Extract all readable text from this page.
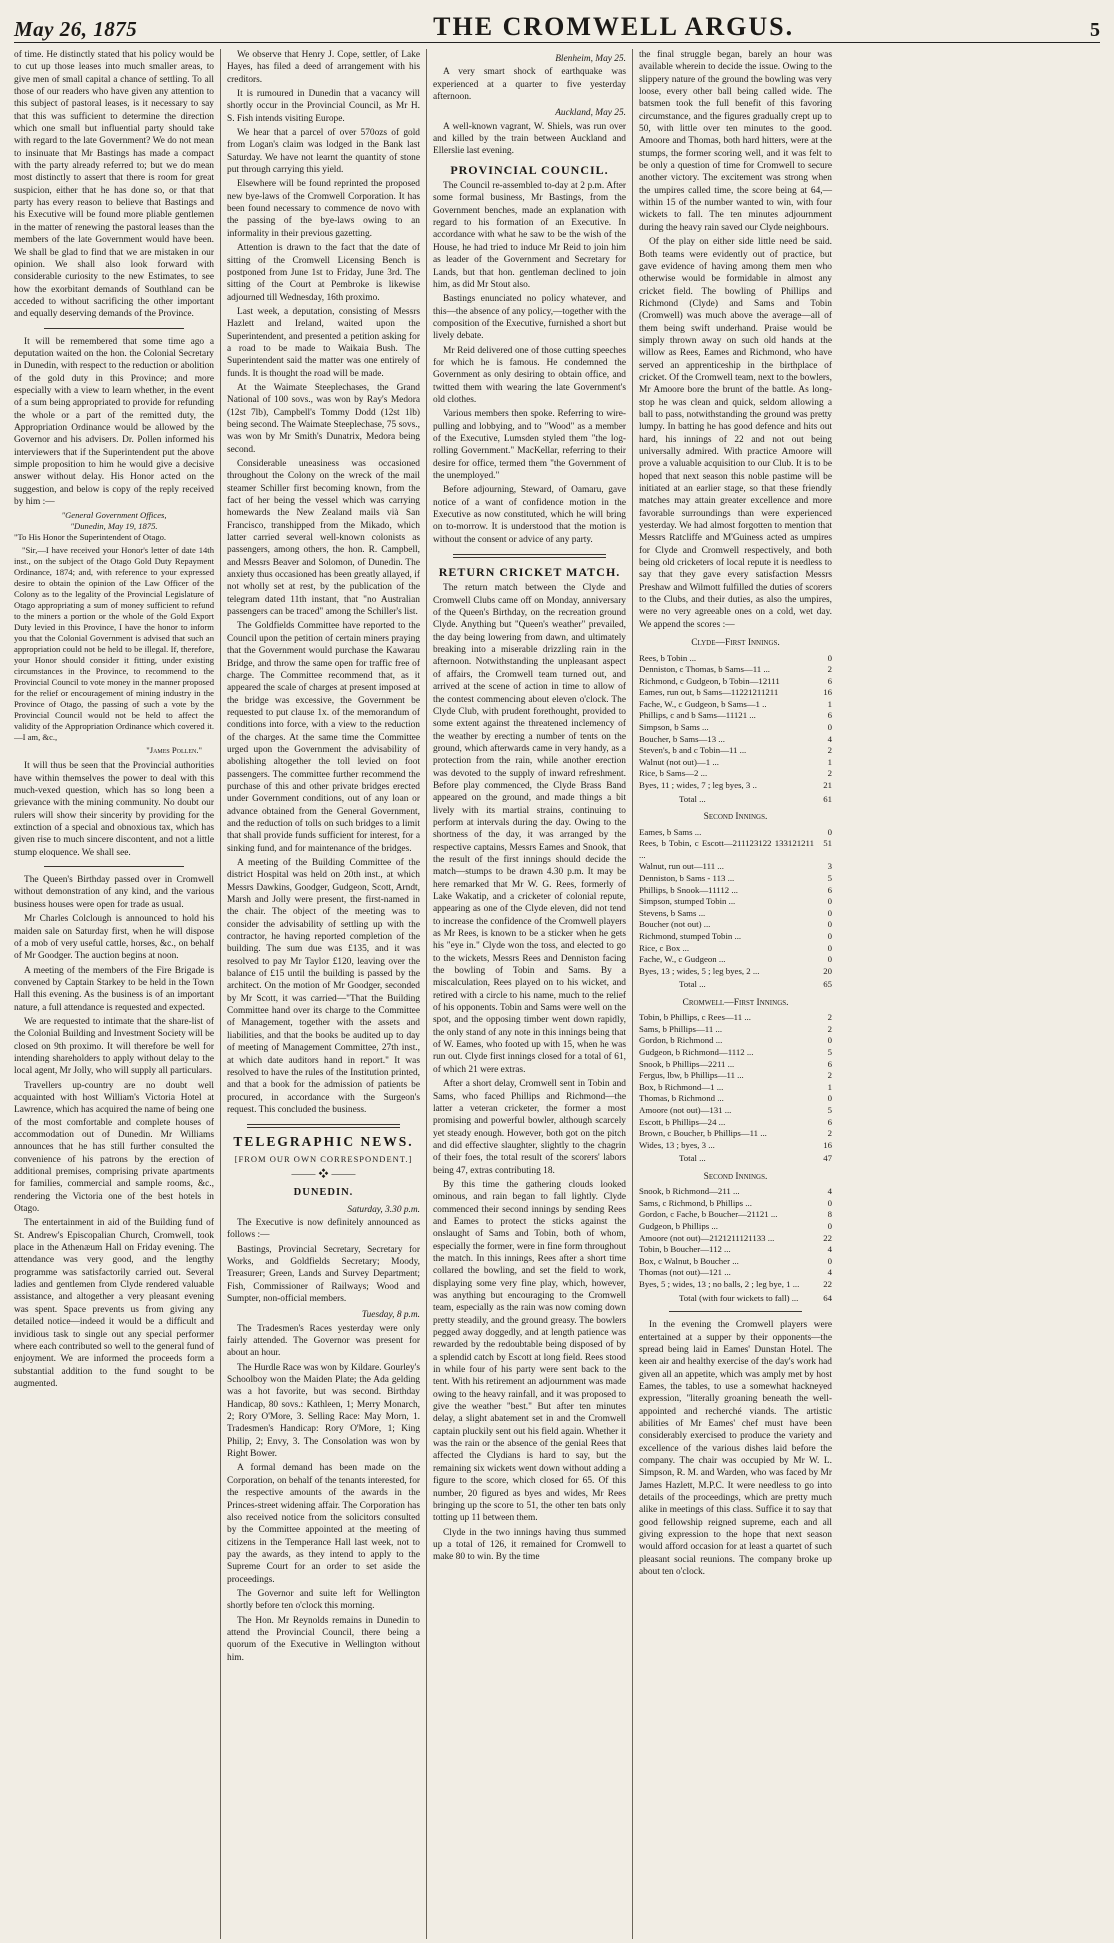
May 26, 1875	THE CROMWELL ARGUS.	5

of time. He distinctly stated that his policy would be to cut up those leases into much smaller areas, to give men of small capital a chance of settling. To all those of our readers who have given any attention to this subject of pastoral leases, is it necessary to say that this was sufficient to determine the direction which one small but influential party should take with regard to the late Government? We do not mean to insinuate that Mr Bastings has made a compact with the party already referred to; but we do mean most distinctly to assert that there is room for great suspicion, either that he has done so, or that that party has every reason to believe that Bastings and his Executive will be found more pliable gentlemen in the matter of renewing the pastoral leases than the members of the late Government would have been. We shall be glad to find that we are mistaken in our opinion. We shall also look forward with considerable curiosity to the new Estimates, to see how the exorbitant demands of Southland can be acceded to without sacrificing the other important and equally deserving demands of the Province.

It will be remembered that some time ago a deputation waited on the hon. the Colonial Secretary in Dunedin, with respect to the reduction or abolition of the gold duty in this Province; and more especially with a view to learn whether, in the event of a sum being appropriated to provide for refunding the whole or a part of the remitted duty, the Appropriation Ordinance would be allowed by the Governor and his advisers. Dr. Pollen informed his interviewers that if the Superintendent put the above simple proposition to him he would give a decisive answer without delay. His Honor acted on the suggestion, and below is copy of the reply received by him :—

"General Government Offices,
"Dunedin, May 19, 1875.

"To His Honor the Superintendent of Otago.

"Sir,—I have received your Honor's letter of date 14th inst., on the subject of the Otago Gold Duty Repayment Ordinance, 1874; and, with reference to your expressed desire to obtain the opinion of the Law Officer of the Colony as to the legality of the Provincial Legislature of Otago appropriating a sum of money sufficient to refund to the miners a portion or the whole of the Gold Export Duty levied in this Province, I have the honor to inform you that the Colonial Government is advised that such an appropriation could not be held to be illegal. If, therefore, your Honor should consider it fitting, under existing circumstances in the Province, to recommend to the Provincial Council to vote money in the manner proposed for the relief or encouragement of mining industry in the Province of Otago, the passing of such a vote by the Provincial Council would not be held to affect the validity of the Appropriation Ordinance which covered it.—I am, &c.,

"James Pollen."

It will thus be seen that the Provincial authorities have within themselves the power to deal with this much-vexed question, which has so long been a grievance with the mining community. No doubt our rulers will show their sincerity by providing for the extinction of a special and obnoxious tax, which has given rise to much sincere discontent, and not a little stump eloquence. We shall see.

The Queen's Birthday passed over in Cromwell without demonstration of any kind, and the various business houses were open for trade as usual.

Mr Charles Colclough is announced to hold his maiden sale on Saturday first, when he will dispose of a mob of very useful cattle, horses, &c., on behalf of Mr Goodger. The auction begins at noon.

A meeting of the members of the Fire Brigade is convened by Captain Starkey to be held in the Town Hall this evening. As the business is of an important nature, a full attendance is requested and expected.

We are requested to intimate that the share-list of the Colonial Building and Investment Society will be closed on 9th proximo. It will therefore be well for intending shareholders to apply without delay to the local agent, Mr Jolly, who will supply all particulars.

Travellers up-country are no doubt well acquainted with host William's Victoria Hotel at Lawrence, which has acquired the name of being one of the most comfortable and complete houses of accommodation out of Dunedin. Mr Williams announces that he has still further consulted the convenience of his patrons by the erection of additional premises, comprising private apartments for families, commercial and sample rooms, &c., rendering the Victoria one of the best hotels in Otago.

The entertainment in aid of the Building fund of St. Andrew's Episcopalian Church, Cromwell, took place in the Athenæum Hall on Friday evening. The attendance was very good, and the lengthy programme was satisfactorily carried out. Several ladies and gentlemen from Clyde rendered valuable assistance, and altogether a very pleasant evening was spent. Space prevents us from giving any detailed notice—indeed it would be a difficult and invidious task to single out any special performer where each contributed so well to the general fund of enjoyment. We are informed the proceeds form a substantial addition to the fund sought to be augmented.

We observe that Henry J. Cope, settler, of Lake Hayes, has filed a deed of arrangement with his creditors.

It is rumoured in Dunedin that a vacancy will shortly occur in the Provincial Council, as Mr H. S. Fish intends visiting Europe.

We hear that a parcel of over 570ozs of gold from Logan's claim was lodged in the Bank last Saturday. We have not learnt the quantity of stone put through carrying this yield.

Elsewhere will be found reprinted the proposed new bye-laws of the Cromwell Corporation. It has been found necessary to commence de novo with the passing of the bye-laws owing to an informality in their previous gazetting.

Attention is drawn to the fact that the date of sitting of the Cromwell Licensing Bench is postponed from June 1st to Friday, June 3rd. The sitting of the Court at Pembroke is likewise adjourned till Wednesday, 16th proximo.

Last week, a deputation, consisting of Messrs Hazlett and Ireland, waited upon the Superintendent, and presented a petition asking for a road to be made to Waikaia Bush. The Superintendent said the matter was one entirely of funds. It is thought the road will be made.

At the Waimate Steeplechases, the Grand National of 100 sovs., was won by Ray's Medora (12st 7lb), Campbell's Tommy Dodd (12st 1lb) being second. The Waimate Steeplechase, 75 sovs., was won by Mr Smith's Dunatrix, Medora being second.

Considerable uneasiness was occasioned throughout the Colony on the wreck of the mail steamer Schiller first becoming known, from the fact of her being the vessel which was carrying homewards the New Zealand mails vià San Francisco, transhipped from the Mikado, which latter carried several well-known colonists as passengers, among others, the hon. R. Campbell, and Messrs Beaver and Solomon, of Dunedin. The anxiety thus occasioned has been greatly allayed, if not wholly set at rest, by the publication of the telegram dated 11th instant, that "no Australian passengers can be traced" among the Schiller's list.

The Goldfields Committee have reported to the Council upon the petition of certain miners praying that the Government would purchase the Kawarau Bridge, and throw the same open for traffic free of charge. The Committee recommend that, as it appeared the scale of charges at present imposed at the bridge was excessive, the Government be requested to put clause 1x. of the memorandum of conditions into force, with a view to the reduction of the charges. At the same time the Committee urged upon the Government the advisability of abolishing altogether the toll levied on foot passengers. The committee further recommend the purchase of this and other private bridges erected under Government conditions, out of any loan or advance obtained from the General Government, and the reduction of tolls on such bridges to a limit that shall provide funds sufficient for interest, for a sinking fund, and for maintenance of the bridges.

A meeting of the Building Committee of the district Hospital was held on 20th inst., at which Messrs Dawkins, Goodger, Gudgeon, Scott, Arndt, Marsh and Jolly were present, the first-named in the chair. The object of the meeting was to consider the advisability of settling up with the contractor, he having reported completion of the building. The sum due was £135, and it was resolved to pay Mr Taylor £120, leaving over the balance of £15 until the building is passed by the architect. On the motion of Mr Goodger, seconded by Mr Scott, it was carried—"That the Building Committee hand over its charge to the Committee of Management, together with the assets and liabilities, and that the books be audited up to day of meeting of Management Committee, 27th inst., at which date auditors hand in report." It was resolved to have the rules of the Institution printed, and that a book for the admission of patients be procured, in accordance with the Surgeon's request. This concluded the business.

TELEGRAPHIC NEWS.
[FROM OUR OWN CORRESPONDENT.]
⸻ ❖ ⸻
DUNEDIN.
Saturday, 3.30 p.m.

The Executive is now definitely announced as follows :—

Bastings, Provincial Secretary, Secretary for Works, and Goldfields Secretary; Moody, Treasurer; Green, Lands and Survey Department; Fish, Commissioner of Railways; Wood and Sumpter, non-official members.

Tuesday, 8 p.m.

The Tradesmen's Races yesterday were only fairly attended. The Governor was present for about an hour.

The Hurdle Race was won by Kildare. Gourley's Schoolboy won the Maiden Plate; the Ada gelding was a hot favorite, but was second. Birthday Handicap, 80 sovs.: Kathleen, 1; Merry Monarch, 2; Rory O'More, 3. Selling Race: May Morn, 1. Tradesmen's Handicap: Rory O'More, 1; King Philip, 2; Envy, 3. The Consolation was won by Right Bower.

A formal demand has been made on the Corporation, on behalf of the tenants interested, for the respective amounts of the awards in the Princes-street widening affair. The Corporation has also received notice from the solicitors consulted by the Committee appointed at the meeting of citizens in the Temperance Hall last week, not to pay the awards, as they intend to apply to the Supreme Court for an order to set aside the proceedings.

The Governor and suite left for Wellington shortly before ten o'clock this morning.

The Hon. Mr Reynolds remains in Dunedin to attend the Provincial Council, there being a quorum of the Executive in Wellington without him.

Blenheim, May 25.

A very smart shock of earthquake was experienced at a quarter to five yesterday afternoon.

Auckland, May 25.

A well-known vagrant, W. Shiels, was run over and killed by the train between Auckland and Ellerslie last evening.

PROVINCIAL COUNCIL.

The Council re-assembled to-day at 2 p.m. After some formal business, Mr Bastings, from the Government benches, made an explanation with regard to his formation of an Executive. In accordance with what he saw to be the wish of the House, he had tried to induce Mr Reid to join him as leader of the Government and Secretary for Lands, but that hon. gentleman declined to join him, as did Mr Stout also.

Bastings enunciated no policy whatever, and this—the absence of any policy,—together with the composition of the Executive, furnished a short but lively debate.

Mr Reid delivered one of those cutting speeches for which he is famous. He condemned the Government as only desiring to obtain office, and twitted them with wearing the late Government's old clothes.

Various members then spoke. Referring to wire-pulling and lobbying, and to "Wood" as a member of the Executive, Lumsden styled them "the log-rolling Government." MacKellar, referring to their desire for office, termed them "the Government of the unemployed."

Before adjourning, Steward, of Oamaru, gave notice of a want of confidence motion in the Executive as now constituted, which he will bring on to-morrow. It is understood that the motion is without the consent or advice of any party.

RETURN CRICKET MATCH.

The return match between the Clyde and Cromwell Clubs came off on Monday, anniversary of the Queen's Birthday, on the recreation ground Clyde. Anything but "Queen's weather" prevailed, the day being lowering from dawn, and ultimately breaking into a miserable drizzling rain in the afternoon. Notwithstanding the unpleasant aspect of affairs, the Cromwell team turned out, and arrived at the scene of action in time to allow of the contest commencing about eleven o'clock. The Clyde Club, with prudent forethought, provided to some extent against the threatened inclemency of the weather by erecting a number of tents on the ground, which afterwards came in very handy, as a protection from the rain, while another erection was devoted to the supply of inward refreshment. Before play commenced, the Clyde Brass Band appeared on the ground, and made things a bit lively with its martial strains, continuing to perform at intervals during the day. Owing to the shortness of the day, it was arranged by the respective captains, Messrs Eames and Snook, that the result of the first innings should decide the match—stumps to be drawn 4.30 p.m. It may be here remarked that Mr W. G. Rees, formerly of Lake Wakatip, and a cricketer of colonial repute, appearing as one of the Clyde eleven, did not tend to increase the confidence of the Cromwell players as Mr Rees, is known to be a sticker when he gets his "eye in." Clyde won the toss, and elected to go to the wickets, Messrs Rees and Denniston facing the bowling of Tobin and Sams. By a miscalculation, Rees played on to his wicket, and retired with a circle to his name, much to the relief of his opponents. Tobin and Sams were well on the spot, and the opposing timber went down rapidly, the only stand of any note in this innings being that of W. Eames, who footed up with 15, when he was run out. Clyde first innings closed for a total of 61, of which 21 were extras.

After a short delay, Cromwell sent in Tobin and Sams, who faced Phillips and Richmond—the latter a veteran cricketer, the former a most promising and powerful bowler, although scarcely yet steady enough. However, both got on the pitch and did effective slaughter, slightly to the chagrin of their foes, the total result of the scorers' labors being 47, extras contributing 18.

By this time the gathering clouds looked ominous, and rain began to fall lightly. Clyde commenced their second innings by sending Rees and Eames to protect the sticks against the onslaught of Sams and Tobin, both of whom, especially the former, were in fine form throughout the match. In this innings, Rees after a short time collared the bowling, and set the field to work, displaying some very fine play, which, however, was anything but encouraging to the Cromwell team, especially as the rain was now coming down pretty steadily, and the ground greasy. The bowlers pegged away doggedly, and at length patience was rewarded by the redoubtable being disposed of by a splendid catch by Escott at long field. Rees stood in while four of his party were sent back to the tent. With his retirement an adjournment was made owing to the heavy rainfall, and it was proposed to give the weather "best." But after ten minutes delay, a slight abatement set in and the Cromwell captain pluckily sent out his field again. Whether it was the rain or the absence of the genial Rees that affected the Clydians is hard to say, but the remaining six wickets went down without adding a figure to the score, which closed for 65. Of this number, 20 figured as byes and wides, Mr Rees bringing up the score to 51, the other ten bats only totting up 11 between them.

Clyde in the two innings having thus summed up a total of 126, it remained for Cromwell to make 80 to win. By the time

the final struggle began, barely an hour was available wherein to decide the issue. Owing to the slippery nature of the ground the bowling was very loose, every other ball being called wide. The batsmen took the full benefit of this favoring circumstance, and the figures gradually crept up to 50, with little over ten minutes to the good. Amoore and Thomas, both hard hitters, were at the stumps, the former scoring well, and it was felt to be only a question of time for Cromwell to secure another victory. The excitement was strong when the umpires called time, the score being at 64,—within 15 of the number wanted to win, with four wickets to fall. The ten minutes adjournment during the heavy rain saved our Clyde neighbours.

Of the play on either side little need be said. Both teams were evidently out of practice, but gave evidence of having among them men who otherwise would be formidable in almost any cricket field. The bowling of Phillips and Richmond (Clyde) and Sams and Tobin (Cromwell) was much above the average—all of them being swift underhand. Praise would be simply thrown away on such old hands at the willow as Rees, Eames and Richmond, who have served an apprenticeship in the birthplace of cricket. Of the Cromwell team, next to the bowlers, Mr Amoore bore the brunt of the battle. As long-stop he was clean and quick, seldom allowing a ball to pass, notwithstanding the ground was pretty lumpy. In batting he has good defence and hits out hard, his innings of 22 and not out being universally admired. With practice Amoore will prove a valuable acquisition to our Club. It is to be hoped that next season this noble pastime will be initiated at an earlier stage, so that these friendly matches may attain greater excellence and more favorable surroundings than were experienced yesterday. We had almost forgotten to mention that Messrs Ratcliffe and M'Guiness acted as umpires for Clyde and Cromwell respectively, and both being old cricketers of local repute it is needless to say that they gave every satisfaction Messrs Preshaw and Wilmott fulfilled the duties of scorers to the Clubs, and their duties, as also the umpires, were no very agreeable ones on a cold, wet day. We append the scores :—

Clyde—First Innings.
Rees, b Tobin ...	0
Denniston, c Thomas, b Sams—11 ...	2
Richmond, c Gudgeon, b Tobin—12111	6
Eames, run out, b Sams—11221211211	16
Fache, W., c Gudgeon, b Sams—1 ..	1
Phillips, c and b Sams—11121 ...	6
Simpson, b Sams ...	0
Boucher, b Sams—13 ...	4
Steven's, b and c Tobin—11 ...	2
Walnut (not out)—1 ...	1
Rice, b Sams—2 ...	2
Byes, 11 ; wides, 7 ; leg byes, 3 ..	21
Total ...	61
Second Innings.
Eames, b Sams ...	0
Rees, b Tobin, c Escott—211123122 133121211 ...	51
Walnut, run out—111 ...	3
Denniston, b Sams - 113 ...	5
Phillips, b Snook—11112 ...	6
Simpson, stumped Tobin ...	0
Stevens, b Sams ...	0
Boucher (not out) ...	0
Richmond, stumped Tobin ...	0
Rice, c Box ...	0
Fache, W., c Gudgeon ...	0
Byes, 13 ; wides, 5 ; leg byes, 2 ...	20
Total ...	65
Cromwell—First Innings.
Tobin, b Phillips, c Rees—11 ...	2
Sams, b Phillips—11 ...	2
Gordon, b Richmond ...	0
Gudgeon, b Richmond—1112 ...	5
Snook, b Phillips—2211 ...	6
Fergus, lbw, b Phillips—11 ...	2
Box, b Richmond—1 ...	1
Thomas, b Richmond ...	0
Amoore (not out)—131 ...	5
Escott, b Phillips—24 ...	6
Brown, c Boucher, b Phillips—11 ...	2
Wides, 13 ; byes, 3 ...	16
Total ...	47
Second Innings.
Snook, b Richmond—211 ...	4
Sams, c Richmond, b Phillips ...	0
Gordon, c Fache, b Boucher—21121 ...	8
Gudgeon, b Phillips ...	0
Amoore (not out)—2121211121133 ...	22
Tobin, b Boucher—112 ...	4
Box, c Walnut, b Boucher ...	0
Thomas (not out)—121 ...	4
Byes, 5 ; wides, 13 ; no balls, 2 ; leg bye, 1 ...	22
Total (with four wickets to fall) ...	64

In the evening the Cromwell players were entertained at a supper by their opponents—the spread being laid in Eames' Dunstan Hotel. The keen air and healthy exercise of the day's work had given all an appetite, which was amply met by host Eames, the tables, to use a somewhat hackneyed expression, "literally groaning beneath the well-appointed and recherché viands. The artistic abilities of Mr Eames' chef must have been considerably exercised to produce the variety and excellence of the various dishes laid before the company. The chair was occupied by Mr W. L. Simpson, R. M. and Warden, who was faced by Mr James Hazlett, M.P.C. It were needless to go into details of the proceedings, which are pretty much alike in meetings of this class. Suffice it to say that good fellowship reigned supreme, each and all giving expression to the hope that next season would afford occasion for at least a quartet of such pleasant social reunions. The company broke up about ten o'clock.
